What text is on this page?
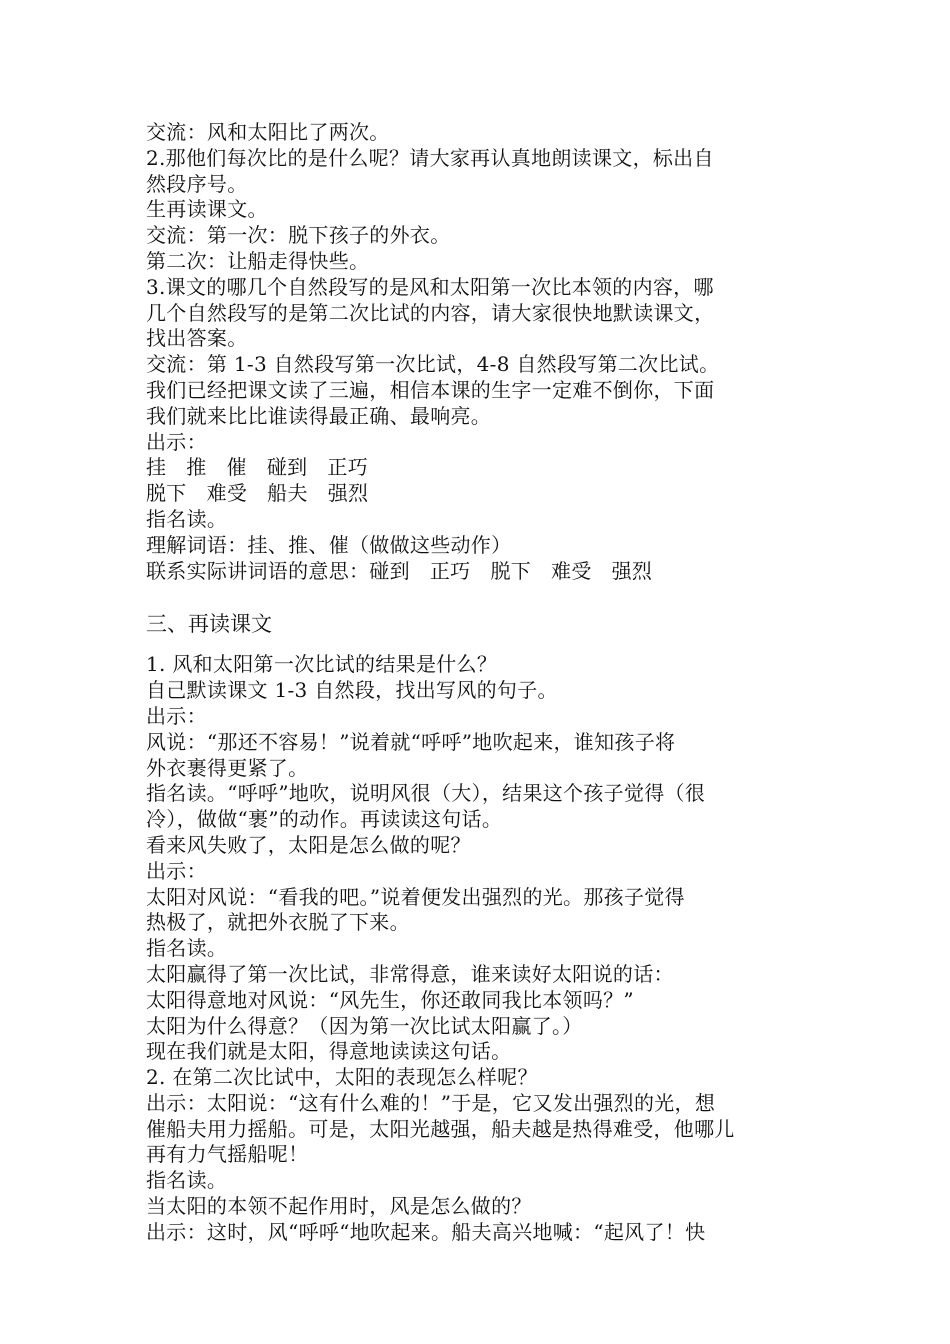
交流：风和太阳比了两次。
2.那他们每次比的是什么呢？请大家再认真地朗读课文，标出自
然段序号。
生再读课文。
交流：第一次：脱下孩子的外衣。
第二次：让船走得快些。
3.课文的哪几个自然段写的是风和太阳第一次比本领的内容，哪
几个自然段写的是第二次比试的内容，请大家很快地默读课文，
找出答案。
交流：第 1-3 自然段写第一次比试，4-8 自然段写第二次比试。
我们已经把课文读了三遍，相信本课的生字一定难不倒你，下面
我们就来比比谁读得最正确、最响亮。
出示：
挂   推   催   碰到   正巧
脱下   难受   船夫   强烈
指名读。
理解词语：挂、推、催（做做这些动作）
联系实际讲词语的意思：碰到   正巧   脱下   难受   强烈
三、再读课文
1. 风和太阳第一次比试的结果是什么？
自己默读课文 1-3 自然段，找出写风的句子。
出示：
风说：“那还不容易！”说着就“呼呼”地吹起来，谁知孩子将
外衣裹得更紧了。
指名读。“呼呼”地吹，说明风很（大），结果这个孩子觉得（很
冷），做做“裹”的动作。再读读这句话。
看来风失败了，太阳是怎么做的呢？
出示：
太阳对风说：“看我的吧。”说着便发出强烈的光。那孩子觉得
热极了，就把外衣脱了下来。
指名读。
太阳赢得了第一次比试，非常得意，谁来读好太阳说的话：
太阳得意地对风说：“风先生，你还敢同我比本领吗？”
太阳为什么得意？（因为第一次比试太阳赢了。）
现在我们就是太阳，得意地读读这句话。
2. 在第二次比试中，太阳的表现怎么样呢？
出示：太阳说：“这有什么难的！”于是，它又发出强烈的光，想
催船夫用力摇船。可是，太阳光越强，船夫越是热得难受，他哪儿
再有力气摇船呢！
指名读。
当太阳的本领不起作用时，风是怎么做的？
出示：这时，风“呼呼“地吹起来。船夫高兴地喊：“起风了！快
